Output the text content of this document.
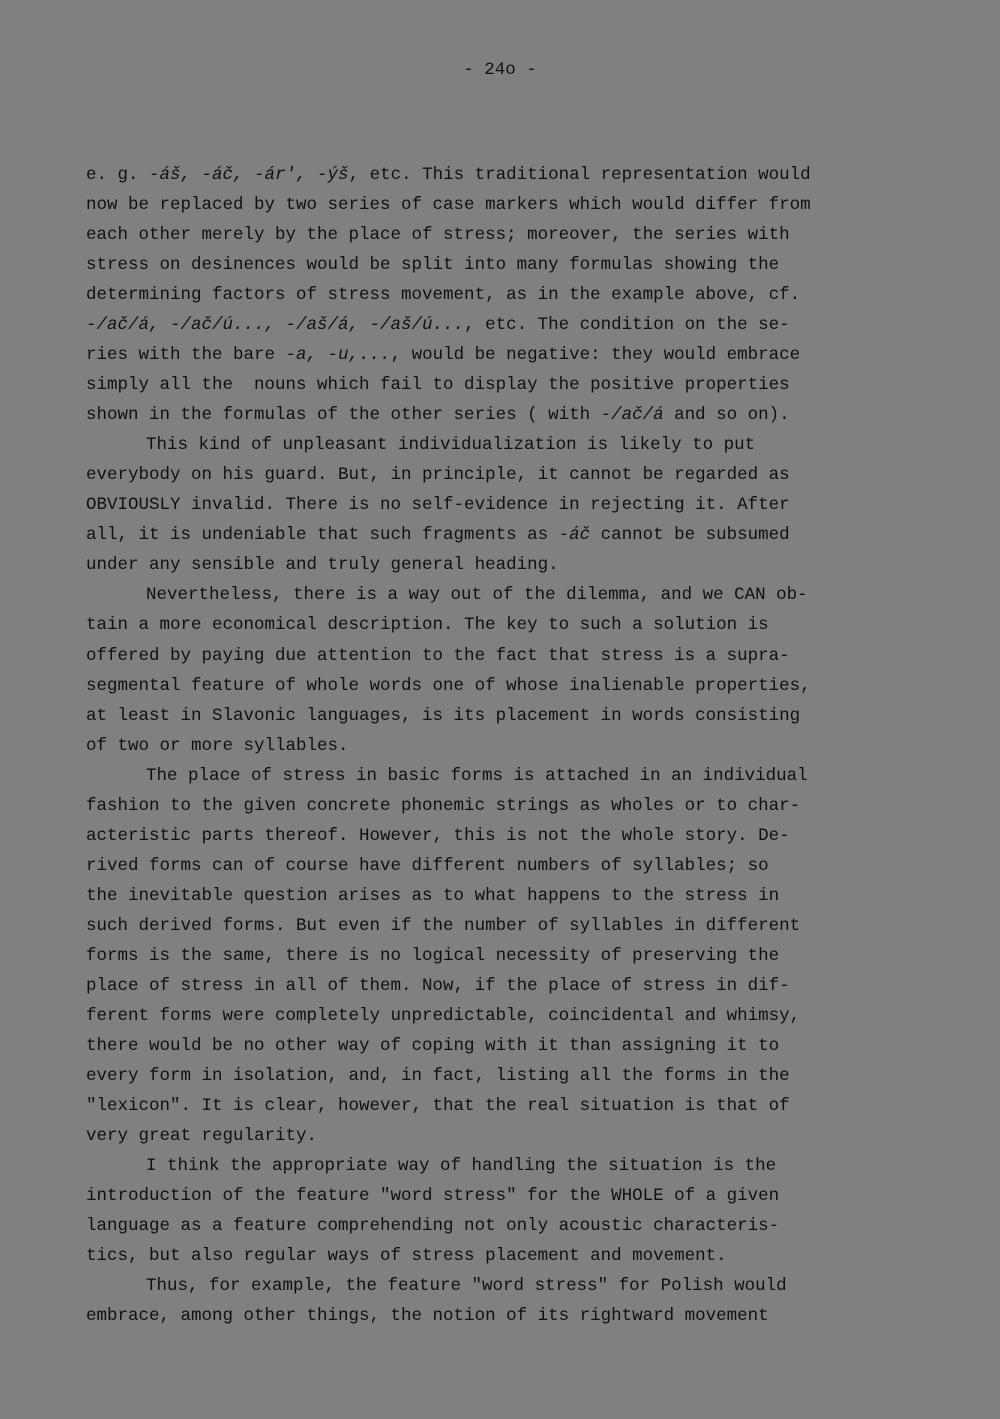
- 24o -
e. g. -áš, -áč, -ár', -ýš, etc. This traditional representation would
now be replaced by two series of case markers which would differ from
each other merely by the place of stress; moreover, the series with
stress on desinences would be split into many formulas showing the
determining factors of stress movement, as in the example above, cf.
-/ač/á, -/ač/ú..., -/aš/á, -/aš/ú..., etc. The condition on the se-
ries with the bare -a, -u,..., would be negative: they would embrace
simply all the  nouns which fail to display the positive properties
shown in the formulas of the other series ( with -/ač/á and so on).
This kind of unpleasant individualization is likely to put
everybody on his guard. But, in principle, it cannot be regarded as
OBVIOUSLY invalid. There is no self-evidence in rejecting it. After
all, it is undeniable that such fragments as -áč cannot be subsumed
under any sensible and truly general heading.
Nevertheless, there is a way out of the dilemma, and we CAN ob-
tain a more economical description. The key to such a solution is
offered by paying due attention to the fact that stress is a supra-
segmental feature of whole words one of whose inalienable properties,
at least in Slavonic languages, is its placement in words consisting
of two or more syllables.
The place of stress in basic forms is attached in an individual
fashion to the given concrete phonemic strings as wholes or to char-
acteristic parts thereof. However, this is not the whole story. De-
rived forms can of course have different numbers of syllables; so
the inevitable question arises as to what happens to the stress in
such derived forms. But even if the number of syllables in different
forms is the same, there is no logical necessity of preserving the
place of stress in all of them. Now, if the place of stress in dif-
ferent forms were completely unpredictable, coincidental and whimsy,
there would be no other way of coping with it than assigning it to
every form in isolation, and, in fact, listing all the forms in the
"lexicon". It is clear, however, that the real situation is that of
very great regularity.
I think the appropriate way of handling the situation is the
introduction of the feature "word stress" for the WHOLE of a given
language as a feature comprehending not only acoustic characteris-
tics, but also regular ways of stress placement and movement.
Thus, for example, the feature "word stress" for Polish would
embrace, among other things, the notion of its rightward movement
